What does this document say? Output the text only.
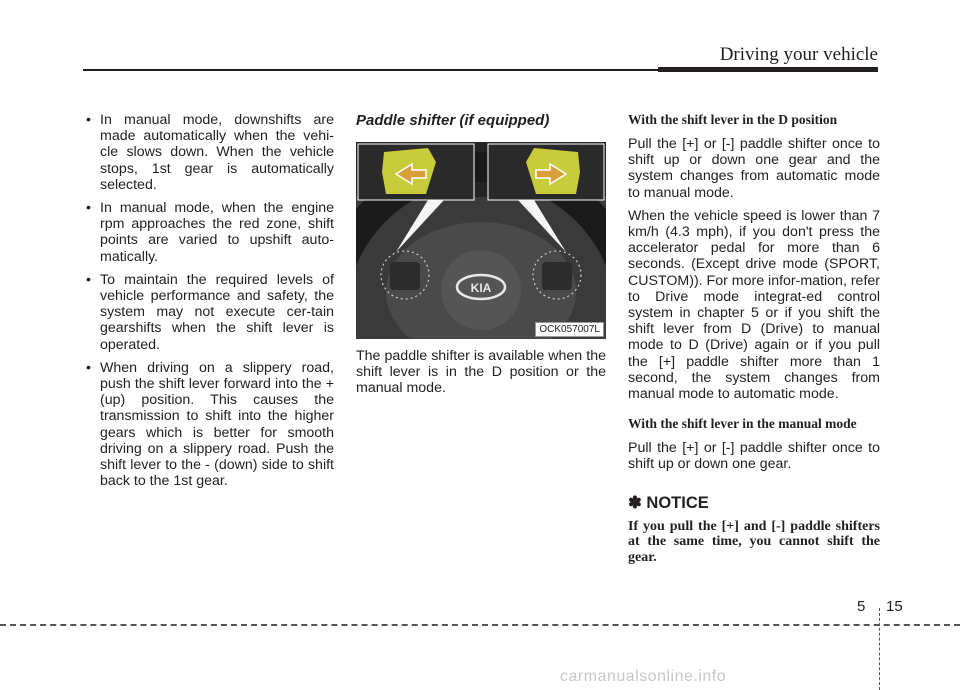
Driving your vehicle
• In manual mode, downshifts are made automatically when the vehi-cle slows down. When the vehicle stops, 1st gear is automatically selected.
• In manual mode, when the engine rpm approaches the red zone, shift points are varied to upshift auto-matically.
• To maintain the required levels of vehicle performance and safety, the system may not execute cer-tain gearshifts when the shift lever is operated.
• When driving on a slippery road, push the shift lever forward into the + (up) position. This causes the transmission to shift into the higher gears which is better for smooth driving on a slippery road. Push the shift lever to the - (down) side to shift back to the 1st gear.
Paddle shifter (if equipped)
KIA
OCK057007L

The paddle shifter is available when the shift lever is in the D position or the manual mode.

With the shift lever in the D position

Pull the [+] or [-] paddle shifter once to shift up or down one gear and the system changes from automatic mode to manual mode.

When the vehicle speed is lower than 7 km/h (4.3 mph), if you don't press the accelerator pedal for more than 6 seconds. (Except drive mode (SPORT, CUSTOM)). For more infor-mation, refer to Drive mode integrat-ed control system in chapter 5 or if you shift the shift lever from D (Drive) to manual mode to D (Drive) again or if you pull the [+] paddle shifter more than 1 second, the system changes from manual mode to automatic mode.

With the shift lever in the manual mode

Pull the [+] or [-] paddle shifter once to shift up or down one gear.

✽ NOTICE

If you pull the [+] and [-] paddle shifters at the same time, you cannot shift the gear.

5 15
carmanualsonline.info
